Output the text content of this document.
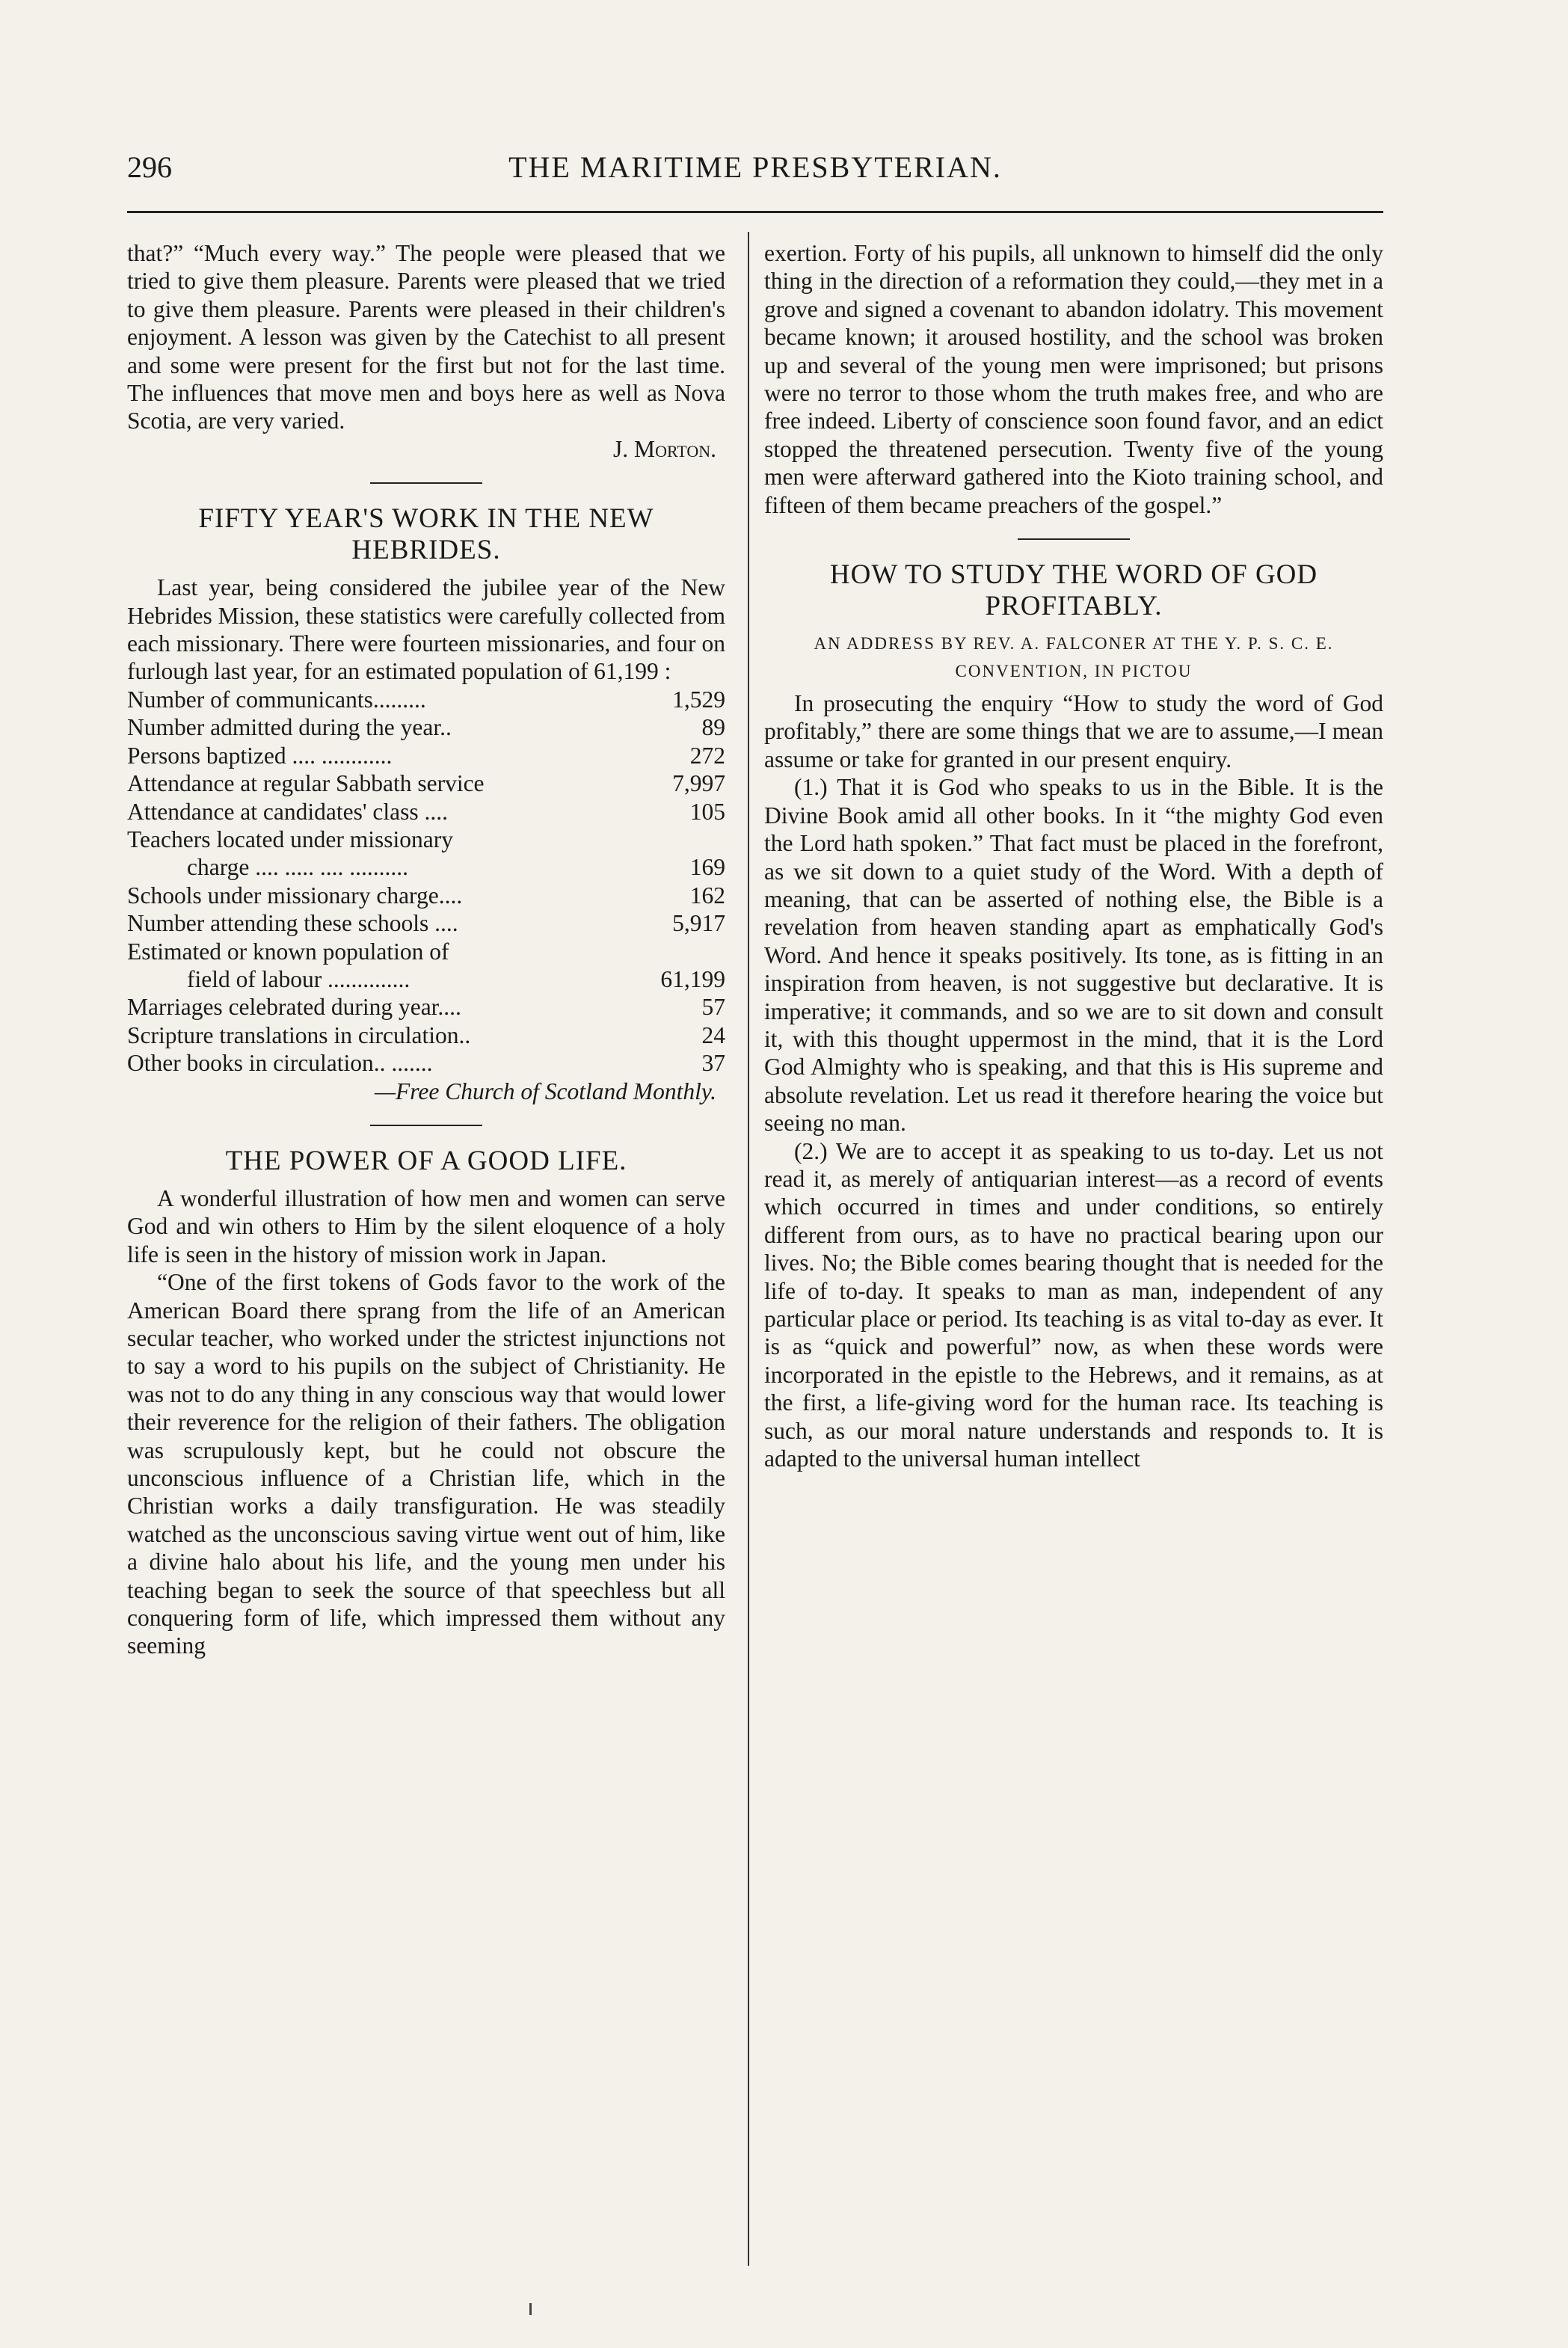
296	THE MARITIME PRESBYTERIAN.

that?” “Much every way.” The people were pleased that we tried to give them pleasure. Parents were pleased that we tried to give them pleasure. Parents were pleased in their children's enjoyment. A lesson was given by the Catechist to all present and some were present for the first but not for the last time. The influences that move men and boys here as well as Nova Scotia, are very varied.

J. Morton.

FIFTY YEAR'S WORK IN THE NEW HEBRIDES.

Last year, being considered the jubilee year of the New Hebrides Mission, these statistics were carefully collected from each missionary. There were fourteen missionaries, and four on furlough last year, for an estimated population of 61,199 :

Number of communicants.........	1,529
Number admitted during the year..	89
Persons baptized .... ............	272
Attendance at regular Sabbath service	7,997
Attendance at candidates' class ....	105
Teachers located under missionary
charge .... ..... .... ..........	169
Schools under missionary charge....	162
Number attending these schools ....	5,917
Estimated or known population of
field of labour ..............	61,199
Marriages celebrated during year....	57
Scripture translations in circulation..	24
Other books in circulation.. .......	37

—Free Church of Scotland Monthly.

THE POWER OF A GOOD LIFE.

A wonderful illustration of how men and women can serve God and win others to Him by the silent eloquence of a holy life is seen in the history of mission work in Japan.

“One of the first tokens of Gods favor to the work of the American Board there sprang from the life of an American secular teacher, who worked under the strictest injunctions not to say a word to his pupils on the subject of Christianity. He was not to do any thing in any conscious way that would lower their reverence for the religion of their fathers. The obligation was scrupulously kept, but he could not obscure the unconscious influence of a Christian life, which in the Christian works a daily transfiguration. He was steadily watched as the unconscious saving virtue went out of him, like a divine halo about his life, and the young men under his teaching began to seek the source of that speechless but all conquering form of life, which impressed them without any seeming

exertion. Forty of his pupils, all unknown to himself did the only thing in the direction of a reformation they could,—they met in a grove and signed a covenant to abandon idolatry. This movement became known; it aroused hostility, and the school was broken up and several of the young men were imprisoned; but prisons were no terror to those whom the truth makes free, and who are free indeed. Liberty of conscience soon found favor, and an edict stopped the threatened persecution. Twenty five of the young men were afterward gathered into the Kioto training school, and fifteen of them became preachers of the gospel.”

HOW TO STUDY THE WORD OF GOD PROFITABLY.
AN ADDRESS BY REV. A. FALCONER AT THE Y. P. S. C. E. CONVENTION, IN PICTOU

In prosecuting the enquiry “How to study the word of God profitably,” there are some things that we are to assume,—I mean assume or take for granted in our present enquiry.

(1.) That it is God who speaks to us in the Bible. It is the Divine Book amid all other books. In it “the mighty God even the Lord hath spoken.” That fact must be placed in the forefront, as we sit down to a quiet study of the Word. With a depth of meaning, that can be asserted of nothing else, the Bible is a revelation from heaven standing apart as emphatically God's Word. And hence it speaks positively. Its tone, as is fitting in an inspiration from heaven, is not suggestive but declarative. It is imperative; it commands, and so we are to sit down and consult it, with this thought uppermost in the mind, that it is the Lord God Almighty who is speaking, and that this is His supreme and absolute revelation. Let us read it therefore hearing the voice but seeing no man.

(2.) We are to accept it as speaking to us to-day. Let us not read it, as merely of antiquarian interest—as a record of events which occurred in times and under conditions, so entirely different from ours, as to have no practical bearing upon our lives. No; the Bible comes bearing thought that is needed for the life of to-day. It speaks to man as man, independent of any particular place or period. Its teaching is as vital to-day as ever. It is as “quick and powerful” now, as when these words were incorporated in the epistle to the Hebrews, and it remains, as at the first, a life-giving word for the human race. Its teaching is such, as our moral nature understands and responds to. It is adapted to the universal human intellect
